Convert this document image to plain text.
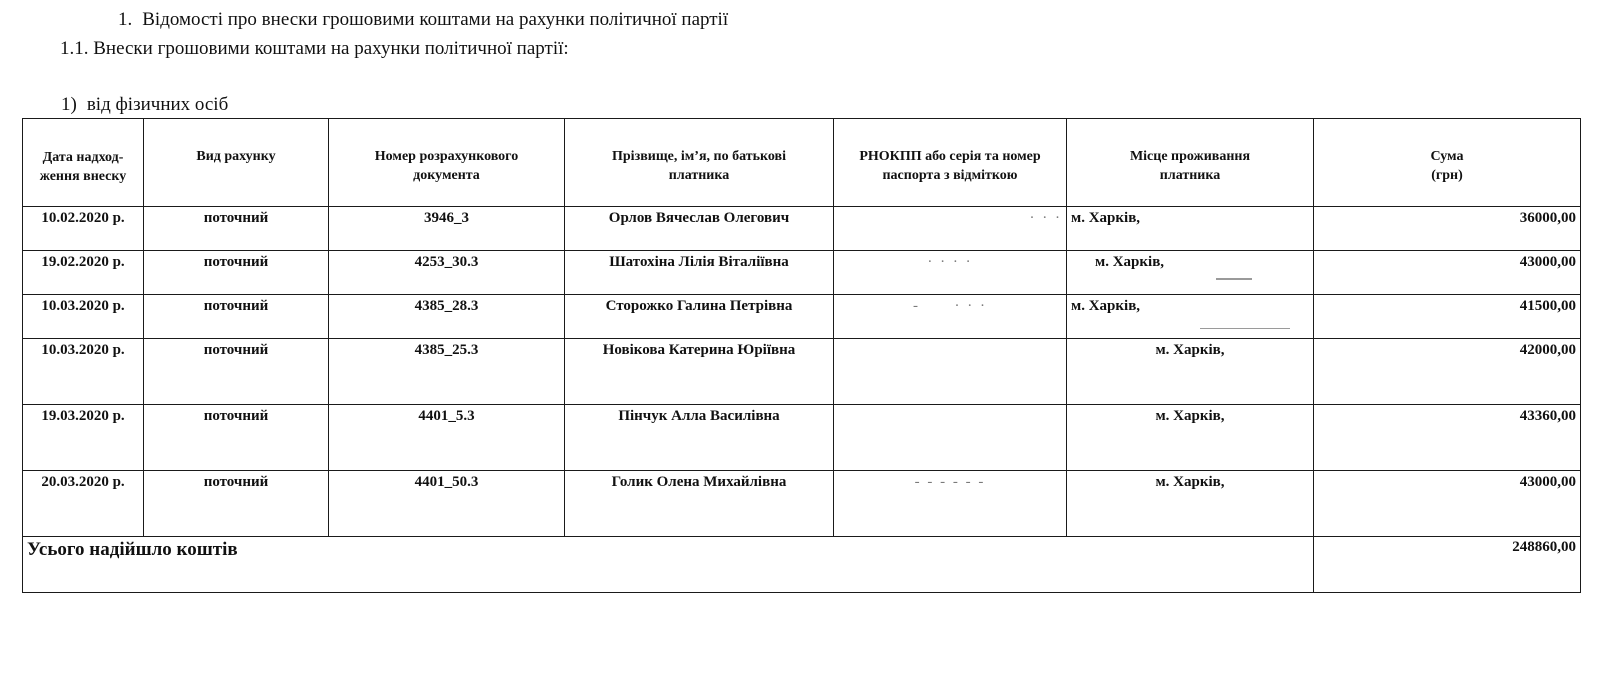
1. Відомості про внески грошовими коштами на рахунки політичної партії
1.1. Внески грошовими коштами на рахунки політичної партії:
1) від фізичних осіб
Дата надход-ження внеску	Вид рахунку	Номер розрахункового документа	Прізвище, ім’я, по батькові платника	РНОКПП або серія та номер паспорта з відміткою	Місце проживання платника	Сума (грн)
10.02.2020 р.	поточний	3946_3	Орлов Вячеслав Олегович	· · ·	м. Харків,	36000,00
19.02.2020 р.	поточний	4253_30.3	Шатохіна Лілія Віталіївна	· · · ·	м. Харків,	43000,00
10.03.2020 р.	поточний	4385_28.3	Сторожко Галина Петрівна	-      · · ·	м. Харків,	41500,00
10.03.2020 р.	поточний	4385_25.3	Новікова Катерина Юріївна		м. Харків,	42000,00
19.03.2020 р.	поточний	4401_5.3	Пінчук Алла Василівна		м. Харків,	43360,00
20.03.2020 р.	поточний	4401_50.3	Голик Олена Михайлівна	- - - - - -	м. Харків,	43000,00
Усього надійшло коштів						248860,00
